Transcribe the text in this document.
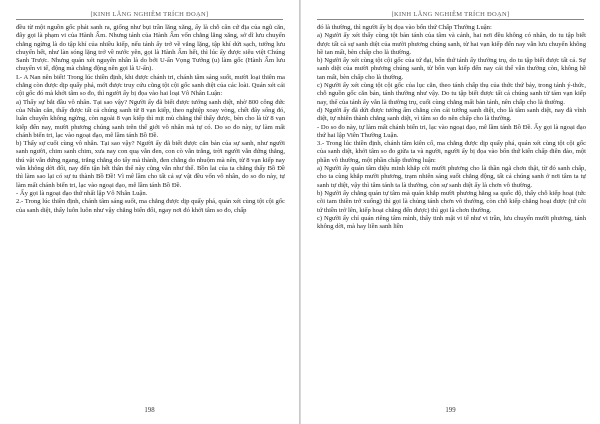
[KINH LĂNG NGHIÊM TRÍCH ĐOẠN]

đều từ một nguồn gốc phát sanh ra, giống như bụi trần lăng xăng, ấy là chỗ cân cứ địa của ngũ căn, đây gọi là phạm vi của Hành Ấm. Nhưng tánh của Hành Ấm vốn chẳng lăng xăng, sở dĩ lưu chuyển chẳng ngừng là do tập khí của nhiều kiếp, nếu tánh ấy trở về vắng lặng, tập khí dứt sạch, tướng lưu chuyển hết, như làn sóng lặng trở về nước yên, gọi là Hành Ấm hết, thì lúc ấy được siêu việt Chúng Sanh Trược. Nhưng quán xét nguyên nhân là do bởi U-ẩn Vọng Tưởng (u) làm gốc (Hành Ấm lưu chuyển vi tế, động mà chẳng động nên gọi là U-ẩn).

I.- A Nan nên biết! Trong lúc thiền định, khi được chánh tri, chánh tâm sáng suốt, mười loại thiên ma chẳng còn được dịp quấy phá, mới được truy cứu cũng tột cội gốc sanh diệt của các loài. Quán xét cái cội gốc đó mà khởi tâm so đo, thì người ấy bị đọa vào hai loại Vô Nhân Luận:

a) Thấy sự bắt đầu vô nhân. Tại sao vậy? Người ấy đã biết được tướng sanh diệt, nhờ 800 công đức của Nhãn căn, thấy được tất cả chúng sanh từ 8 vạn kiếp, theo nghiệp xoay vòng, chết đây sống đó, luân chuyển không ngừng, còn ngoài 8 vạn kiếp thì mịt mù chẳng thể thấy được, bèn cho là từ 8 vạn kiếp đến nay, mười phương chúng sanh trên thế giới vô nhân mà tự có. Do so đo này, tự làm mất chánh biến tri, lạc vào ngoại đạo, mê lầm tánh Bồ Đề.

b) Thấy sự cuối cùng vô nhân. Tại sao vậy? Người ấy đã biết được căn bản của sự sanh, như người sanh người, chim sanh chim, xưa nay con quạ vẫn đen, con cò vẫn trắng, trời người vẫn đứng thẳng, thú vật vẫn đứng ngang, trắng chẳng do tẩy mà thành, đen chẳng do nhuộm mà nên, từ 8 vạn kiếp nay vẫn không dời đổi, nay đến tận hết thân thể này cũng vẫn như thế. Bồn lai của ta chẳng thấy Bồ Đề thì làm sao lại có sự tu thành Bồ Đề! Vì mê lầm cho tất cả sự vật đều vốn vô nhân, do so đo này, tự làm mất chánh biến tri, lạc vào ngoại đạo, mê lầm tánh Bồ Đề.

- Ấy gọi là ngoại đạo thứ nhất lập Vô Nhân Luận.

2.- Trong lúc thiền định, chánh tâm sáng suốt, ma chẳng được dịp quấy phá, quán xét cùng tột cội gốc của sanh diệt, thấy luôn luôn như vậy chẳng biến đổi, ngay nơi đó khởi tâm so đo, chấp

198
[KINH LĂNG NGHIÊM TRÍCH ĐOẠN]

đó là thường, thì người ấy bị đọa vào bốn thứ Chấp Thường Luận:

a) Người ấy xét thấy cùng tột bản tánh của tâm và cảnh, hai nơi đều không có nhân, do tu tập biết được tất cả sự sanh diệt của mười phương chúng sanh, từ hai vạn kiếp đến nay vẫn lưu chuyển không hề tan mất, bèn chấp cho là thường.

b) Người ấy xét cùng tột cội gốc của tứ đại, bốn thứ tánh ấy thường trụ, do tu tập biết được tất cả. Sự sanh diệt của mười phương chúng sanh, từ bốn vạn kiếp đến nay cái thể vẫn thường còn, không hề tan mất, bèn chấp cho là thường.

c) Người ấy xét cùng tột cội gốc của lục căn, theo tánh chấp thụ của thức thứ bảy, trong tánh ý-thức, chỗ nguồn gốc căn bản, tánh thường như vậy. Do tu tập biết được tất cả chúng sanh từ tám vạn kiếp nay, thể của tánh ấy vẫn là thường trụ, cuối cùng chẳng mất bản tánh, nên chấp cho là thường.

d) Người ấy đã dứt được tướng ấm chẳng còn cái tướng sanh diệt, cho là tâm sanh diệt, nay đã vĩnh diệt, tự nhiên thành chẳng sanh diệt, vì tâm so đo nên chấp cho là thường.

- Do so đo này, tự làm mất chánh biến tri, lạc vào ngoại đạo, mê lầm tánh Bồ Đề. Ấy gọi là ngoại đạo thứ hai lập Viên Thường Luận.

3.- Trong lúc thiền định, chánh tâm kiên cố, ma chẳng được dịp quấy phá, quán xét cùng tột cội gốc của sanh diệt, khởi tâm so đo giữa ta và người, người ấy bị đọa vào bốn thứ kiến chấp điên đảo, một phần vô thường, một phần chấp thường luận:

a) Người ấy quán tâm diệu minh khắp cõi mười phương cho là thần ngã chơn thật, từ đó sanh chấp, cho ta cùng khắp mười phương, trạm nhiên sáng suốt chẳng động, tất cả chúng sanh ở nơi tâm ta tự sanh tự diệt, vậy thì tâm tánh ta là thường, còn sự sanh diệt ấy là chơn vô thường.

b) Người ấy chẳng quán tự tâm mà quán khắp mười phương hằng sa quốc độ, thấy chỗ kiếp hoại (tức cõi tam thiền trở xuống) thì gọi là chủng tánh chơn vô thường, còn chỗ kiếp chẳng hoại được (tứ cõi tứ thiền trở lên, kiếp hoại chẳng đến được) thì gọi là chơn thường.

c) Người ấy chỉ quán riêng tâm mình, thấy tinh mật vi tế như vi trần, lưu chuyển mười phương, tánh không dời, mà hay liền sanh liền

199
